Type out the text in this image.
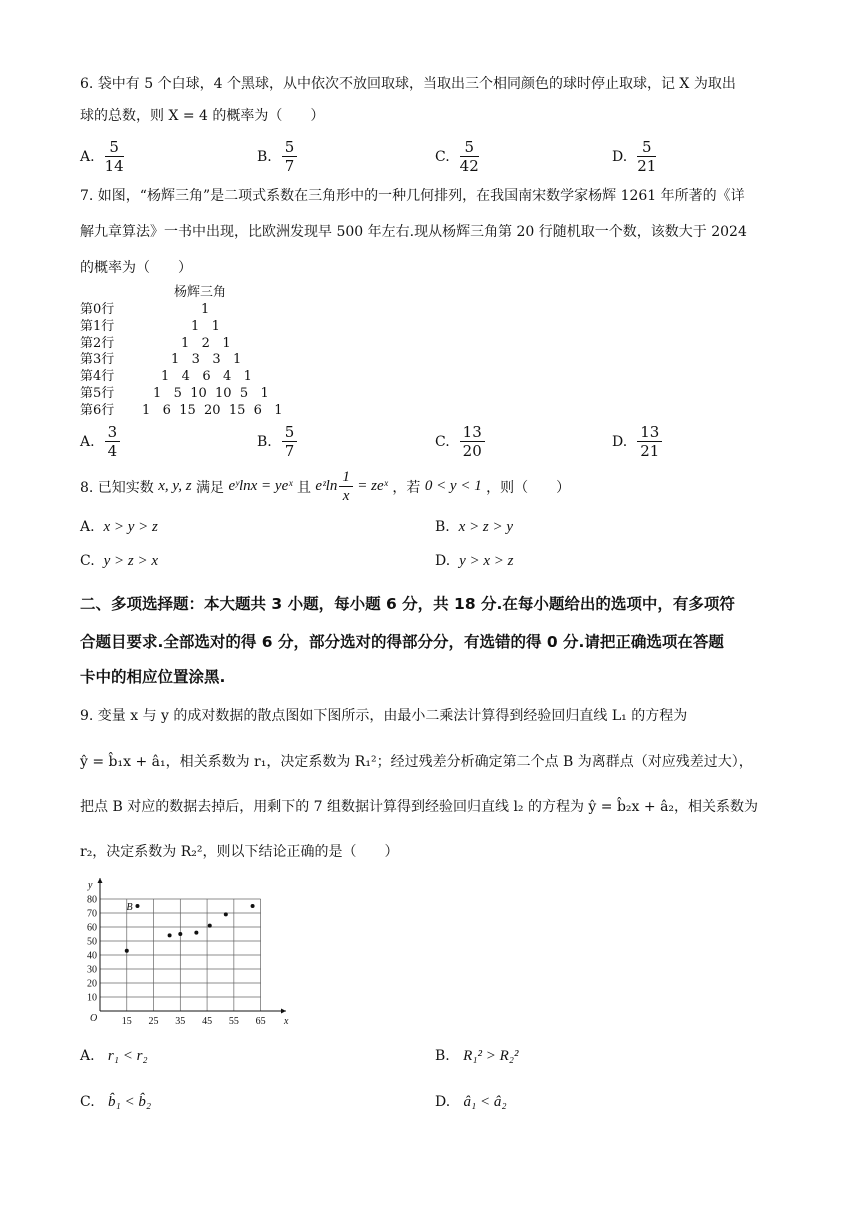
6. 袋中有 5 个白球，4 个黑球，从中依次不放回取球，当取出三个相同颜色的球时停止取球，记 X 为取出
球的总数，则 X = 4 的概率为（　　）
A. $\frac{5}{14}$	B. $\frac{5}{7}$	C. $\frac{5}{42}$	D. $\frac{5}{21}$
7. 如图，“杨辉三角”是二项式系数在三角形中的一种几何排列，在我国南宋数学家杨辉 1261 年所著的《详
解九章算法》一书中出现，比欧洲发现早 500 年左右.现从杨辉三角第 20 行随机取一个数，该数大于 2024
的概率为（　　）
杨辉三角
第0行	1
第1行	1   1
第2行	1   2   1
第3行	1   3   3   1
第4行	1   4   6   4   1
第5行	1   5  10  10  5   1
第6行 1   6  15  20  15  6   1
A. $\frac{3}{4}$	B. $\frac{5}{7}$	C. $\frac{13}{20}$	D. $\frac{13}{21}$
8. 已知实数 x, y, z 满足 eʸlnx = yeˣ 且 eᶻln $\frac{1}{x}$ = zeˣ ，若 0 < y < 1 ，则（　　）
A. x > y > z	B. x > z > y
C. y > z > x	D. y > x > z
二、多项选择题：本大题共 3 小题，每小题 6 分，共 18 分.在每小题给出的选项中，有多项符
合题目要求.全部选对的得 6 分，部分选对的得部分分，有选错的得 0 分.请把正确选项在答题
卡中的相应位置涂黑.
9. 变量 x 与 y 的成对数据的散点图如下图所示，由最小二乘法计算得到经验回归直线 L₁ 的方程为
ŷ = b̂₁x + â₁，相关系数为 r₁，决定系数为 R₁²；经过残差分析确定第二个点 B 为离群点（对应残差过大），
把点 B 对应的数据去掉后，用剩下的 7 组数据计算得到经验回归直线 l₂ 的方程为 ŷ = b̂₂x + â₂，相关系数为
r₂，决定系数为 R₂²，则以下结论正确的是（　　）
15 25 35 45 55 65
10
20
30
40
50
60
70
80
O	x
y
B
A. r₁ < r₂	B. R₁² > R₂²
C. b̂₁ < b̂₂	D. â₁ < â₂
